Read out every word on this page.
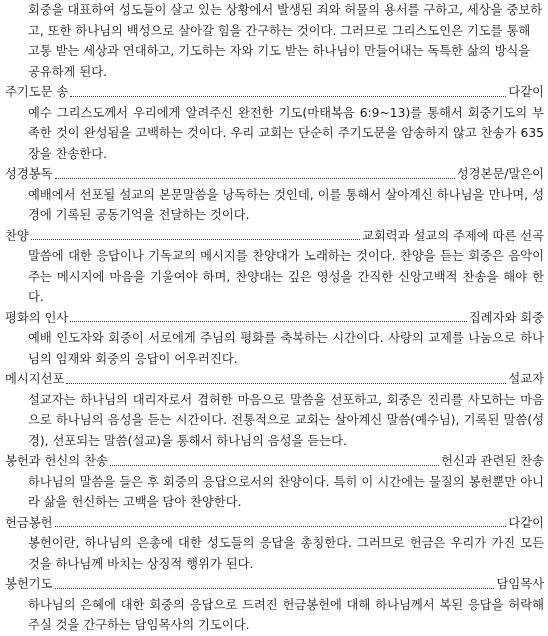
회중을 대표하여 성도들이 살고 있는 상황에서 발생된 죄와 허물의 용서를 구하고, 세상을 중보하고, 또한 하나님의 백성으로 살아갈 힘을 간구하는 것이다. 그러므로 그리스도인은 기도를 통해 고통 받는 세상과 연대하고, 기도하는 자와 기도 받는 하나님이 만들어내는 독특한 삶의 방식을 공유하게 된다.

주기도문 송	다같이

예수 그리스도께서 우리에게 알려주신 완전한 기도(마태복음 6:9~13)를 통해서 회중기도의 부족한 것이 완성됨을 고백하는 것이다. 우리 교회는 단순히 주기도문을 암송하지 않고 찬송가 635장을 찬송한다.

성경봉독	성경본문/말은이

예배에서 선포될 설교의 본문말씀을 낭독하는 것인데, 이를 통해서 살아계신 하나님을 만나며, 성경에 기록된 공동기억을 전달하는 것이다.

찬양	교회력과 설교의 주제에 따른 선곡

말씀에 대한 응답이나 기독교의 메시지를 찬양대가 노래하는 것이다. 찬양을 듣는 회중은 음악이 주는 메시지에 마음을 기울여야 하며, 찬양대는 깊은 영성을 간직한 신앙고백적 찬송을 해야 한다.

평화의 인사	집례자와 회중

예배 인도자와 회중이 서로에게 주님의 평화를 축복하는 시간이다. 사랑의 교제를 나눔으로 하나님의 임재와 회중의 응답이 어우러진다.

메시지선포	설교자

설교자는 하나님의 대리자로서 겸허한 마음으로 말씀을 선포하고, 회중은 진리를 사모하는 마음으로 하나님의 음성을 듣는 시간이다. 전통적으로 교회는 살아계신 말씀(예수님), 기록된 말씀(성경), 선포되는 말씀(설교)을 통해서 하나님의 음성을 듣는다.

봉헌과 헌신의 찬송	헌신과 관련된 찬송

하나님의 말씀을 들은 후 회중의 응답으로서의 찬양이다. 특히 이 시간에는 물질의 봉헌뿐만 아니라 삶을 헌신하는 고백을 담아 찬양한다.

헌금봉헌	다같이

봉헌이란, 하나님의 은총에 대한 성도들의 응답을 총칭한다. 그러므로 헌금은 우리가 가진 모든 것을 하나님께 바치는 상징적 행위가 된다.

봉헌기도	담임목사

하나님의 은혜에 대한 회중의 응답으로 드려진 헌금봉헌에 대해 하나님께서 복된 응답을 허락해 주실 것을 간구하는 담임목사의 기도이다.
